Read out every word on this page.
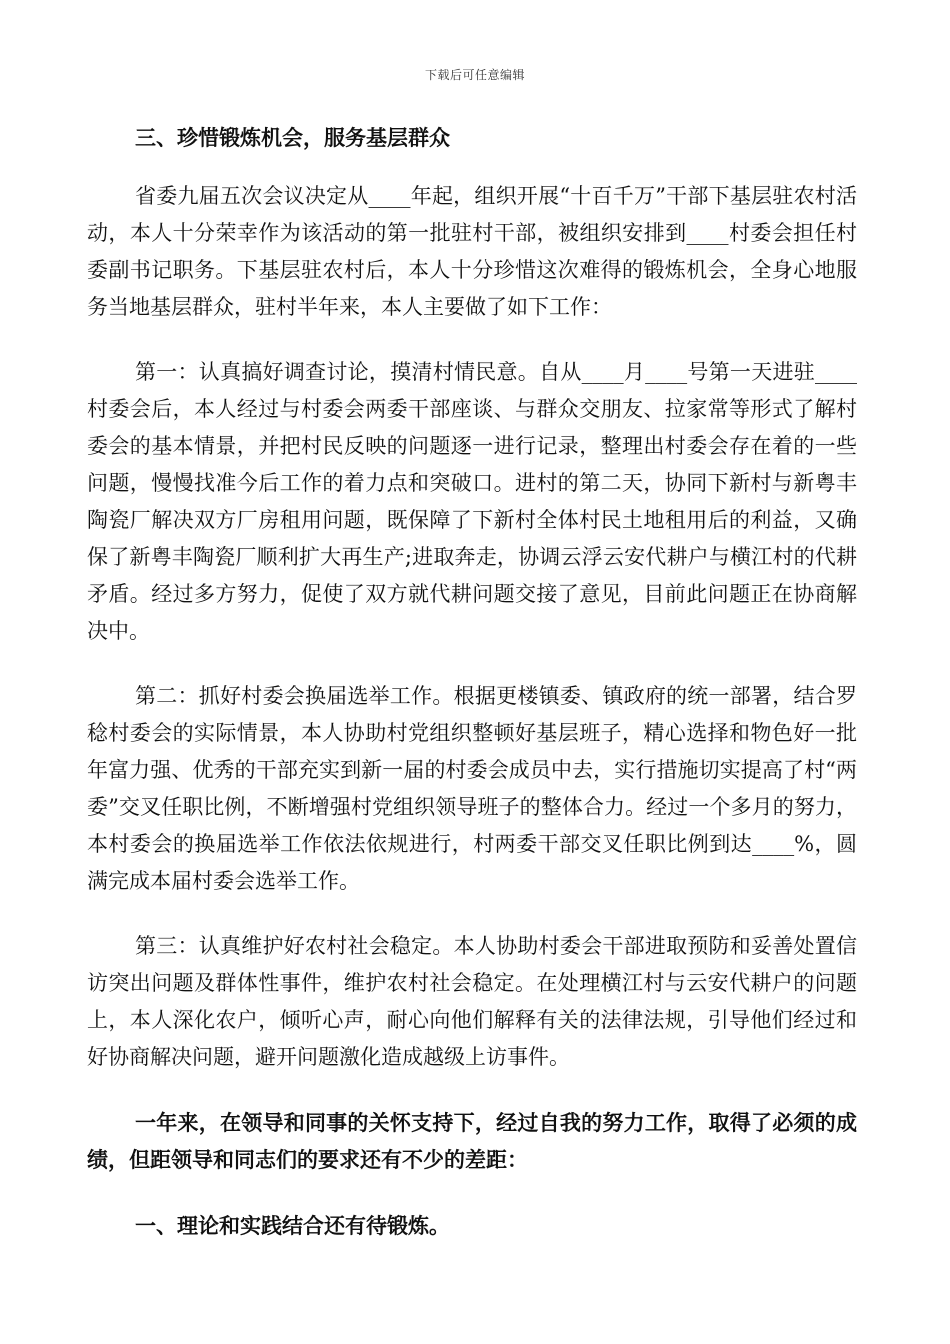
下载后可任意编辑

三、珍惜锻炼机会，服务基层群众

省委九届五次会议决定从____年起，组织开展“十百千万”干部下基层驻农村活动，本人十分荣幸作为该活动的第一批驻村干部，被组织安排到____村委会担任村委副书记职务。下基层驻农村后，本人十分珍惜这次难得的锻炼机会，全身心地服务当地基层群众，驻村半年来，本人主要做了如下工作：

第一：认真搞好调查讨论，摸清村情民意。自从____月____号第一天进驻____村委会后，本人经过与村委会两委干部座谈、与群众交朋友、拉家常等形式了解村委会的基本情景，并把村民反映的问题逐一进行记录，整理出村委会存在着的一些问题，慢慢找准今后工作的着力点和突破口。进村的第二天，协同下新村与新粤丰陶瓷厂解决双方厂房租用问题，既保障了下新村全体村民土地租用后的利益，又确保了新粤丰陶瓷厂顺利扩大再生产;进取奔走，协调云浮云安代耕户与横江村的代耕矛盾。经过多方努力，促使了双方就代耕问题交接了意见，目前此问题正在协商解决中。

第二：抓好村委会换届选举工作。根据更楼镇委、镇政府的统一部署，结合罗稔村委会的实际情景，本人协助村党组织整顿好基层班子，精心选择和物色好一批年富力强、优秀的干部充实到新一届的村委会成员中去，实行措施切实提高了村“两委”交叉任职比例，不断增强村党组织领导班子的整体合力。经过一个多月的努力，本村委会的换届选举工作依法依规进行，村两委干部交叉任职比例到达____%，圆满完成本届村委会选举工作。

第三：认真维护好农村社会稳定。本人协助村委会干部进取预防和妥善处置信访突出问题及群体性事件，维护农村社会稳定。在处理横江村与云安代耕户的问题上，本人深化农户，倾听心声，耐心向他们解释有关的法律法规，引导他们经过和好协商解决问题，避开问题激化造成越级上访事件。

一年来，在领导和同事的关怀支持下，经过自我的努力工作，取得了必须的成绩，但距领导和同志们的要求还有不少的差距：

一、理论和实践结合还有待锻炼。
